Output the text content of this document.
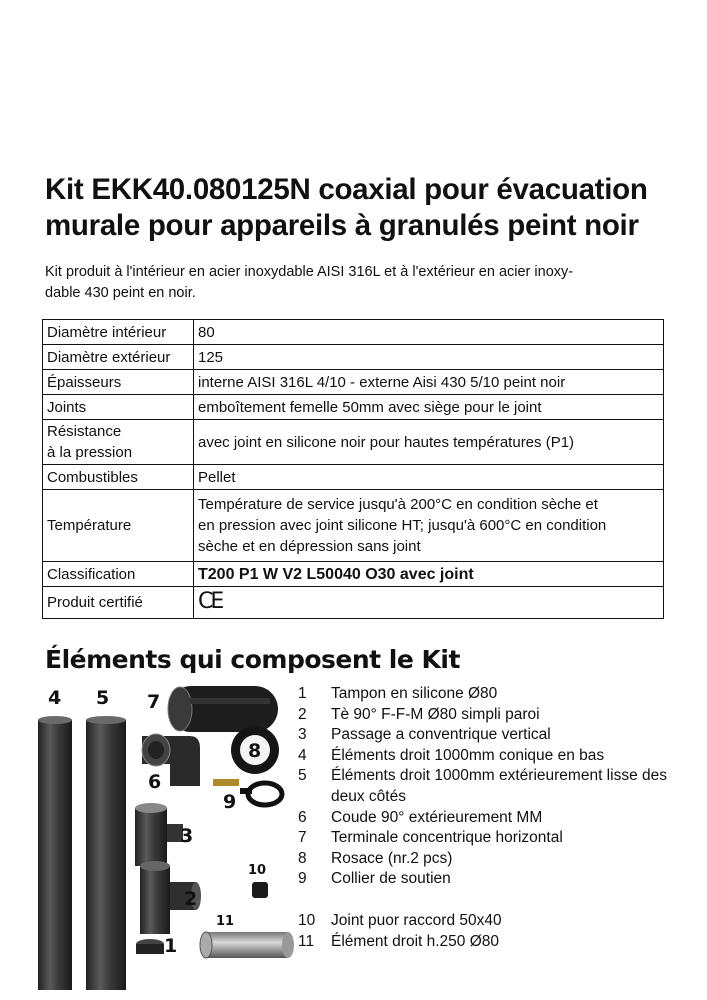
Kit EKK40.080125N coaxial pour évacuation
murale pour appareils à granulés peint noir

Kit produit à l'intérieur en acier inoxydable AISI 316L et à l'extérieur en acier inoxy-
dable 430 peint en noir.

Diamètre intérieur	80

Diamètre extérieur	125

Épaisseurs	interne AISI 316L 4/10 - externe Aisi 430 5/10 peint noir

Joints	emboîtement femelle 50mm avec siège pour le joint

Résistance
à la pression	avec joint en silicone noir pour hautes températures (P1)

Combustibles	Pellet

Température	Température de service jusqu'à 200°C en condition sèche et
en pression avec joint silicone HT; jusqu'à 600°C en condition
sèche et en dépression sans joint

Classification	T200 P1 W V2 L50040 O30 avec joint

Produit certifié	CE
Éléments qui composent le Kit
4 5 7
6
8
9
3
10
2
11
1
1	Tampon en silicone Ø80
2	Tè 90° F-F-M Ø80 simpli paroi
3	Passage a conventrique vertical
4	Éléments droit 1000mm conique en bas
5	Éléments droit 1000mm extérieurement lisse des deux côtés
6	Coude 90° extérieurement MM
7	Terminale concentrique horizontal
8	Rosace (nr.2 pcs)
9	Collier de soutien
10	Joint puor raccord 50x40
11	Élément droit h.250 Ø80
